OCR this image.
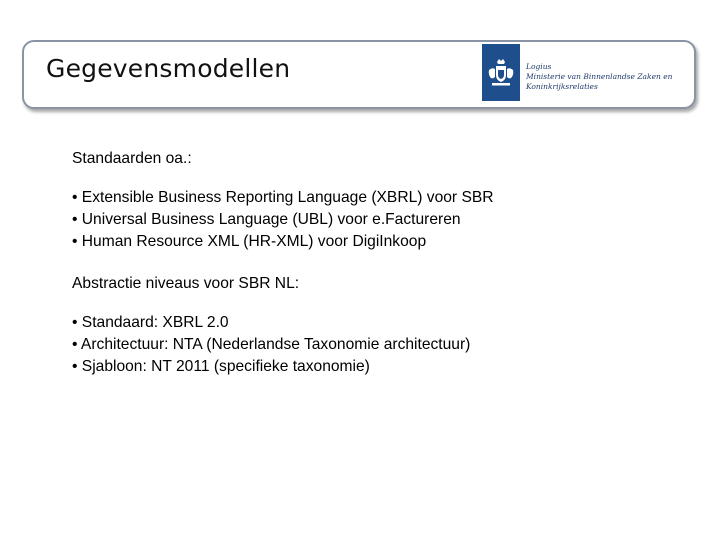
Gegevensmodellen	Logius
Ministerie van Binnenlandse Zaken en
Koninkrijksrelaties

Standaarden oa.:

• Extensible Business Reporting Language (XBRL) voor SBR

• Universal Business Language (UBL) voor e.Factureren

• Human Resource XML (HR-XML) voor DigiInkoop

Abstractie niveaus voor SBR NL:

• Standaard: XBRL 2.0

• Architectuur: NTA (Nederlandse Taxonomie architectuur)

• Sjabloon: NT 2011 (specifieke taxonomie)
